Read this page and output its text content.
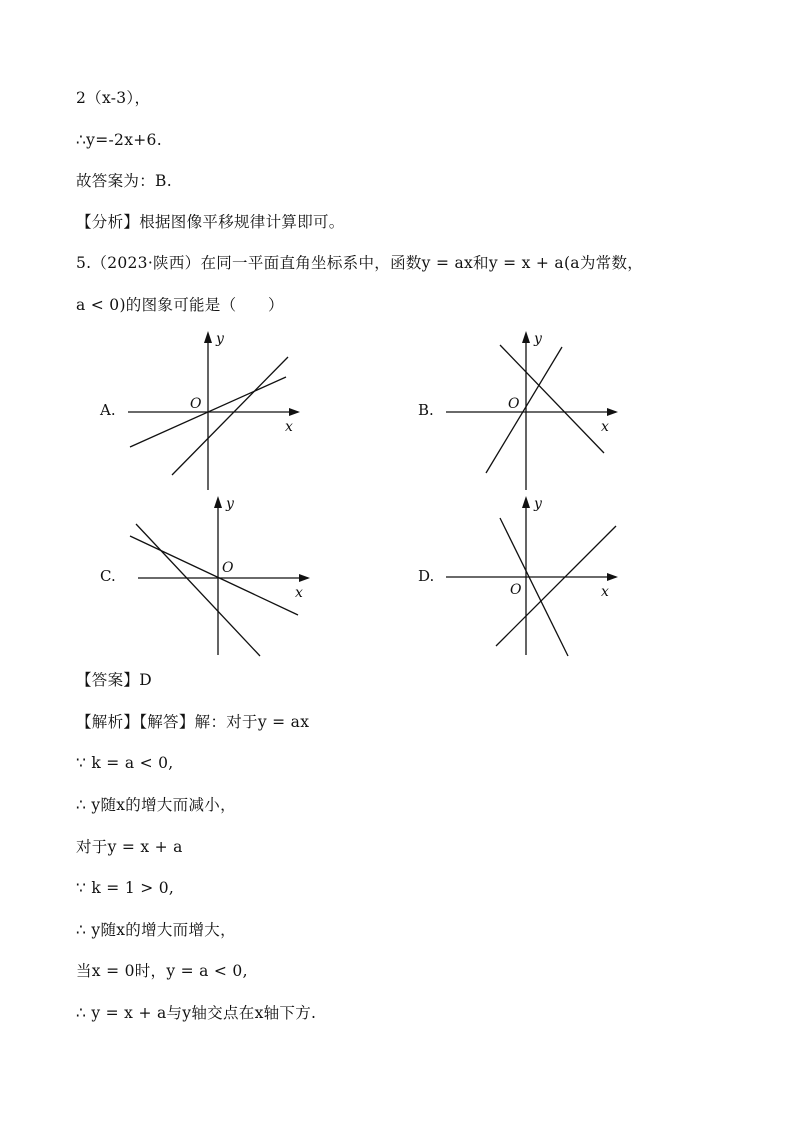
2（x-3），
∴y=-2x+6.
故答案为：B.
【分析】根据图像平移规律计算即可。
5.（2023·陕西）在同一平面直角坐标系中，函数y = ax和y = x + a(a为常数，
a < 0)的图象可能是（　　）
A.
y
x
O	B.
y
x
O
C.
y
x
O	D.
y
x
O
【答案】D
【解析】【解答】解：对于y = ax
∵ k = a < 0,
∴ y随x的增大而减小，
对于y = x + a
∵ k = 1 > 0,
∴ y随x的增大而增大，
当x = 0时，y = a < 0,
∴ y = x + a与y轴交点在x轴下方.
